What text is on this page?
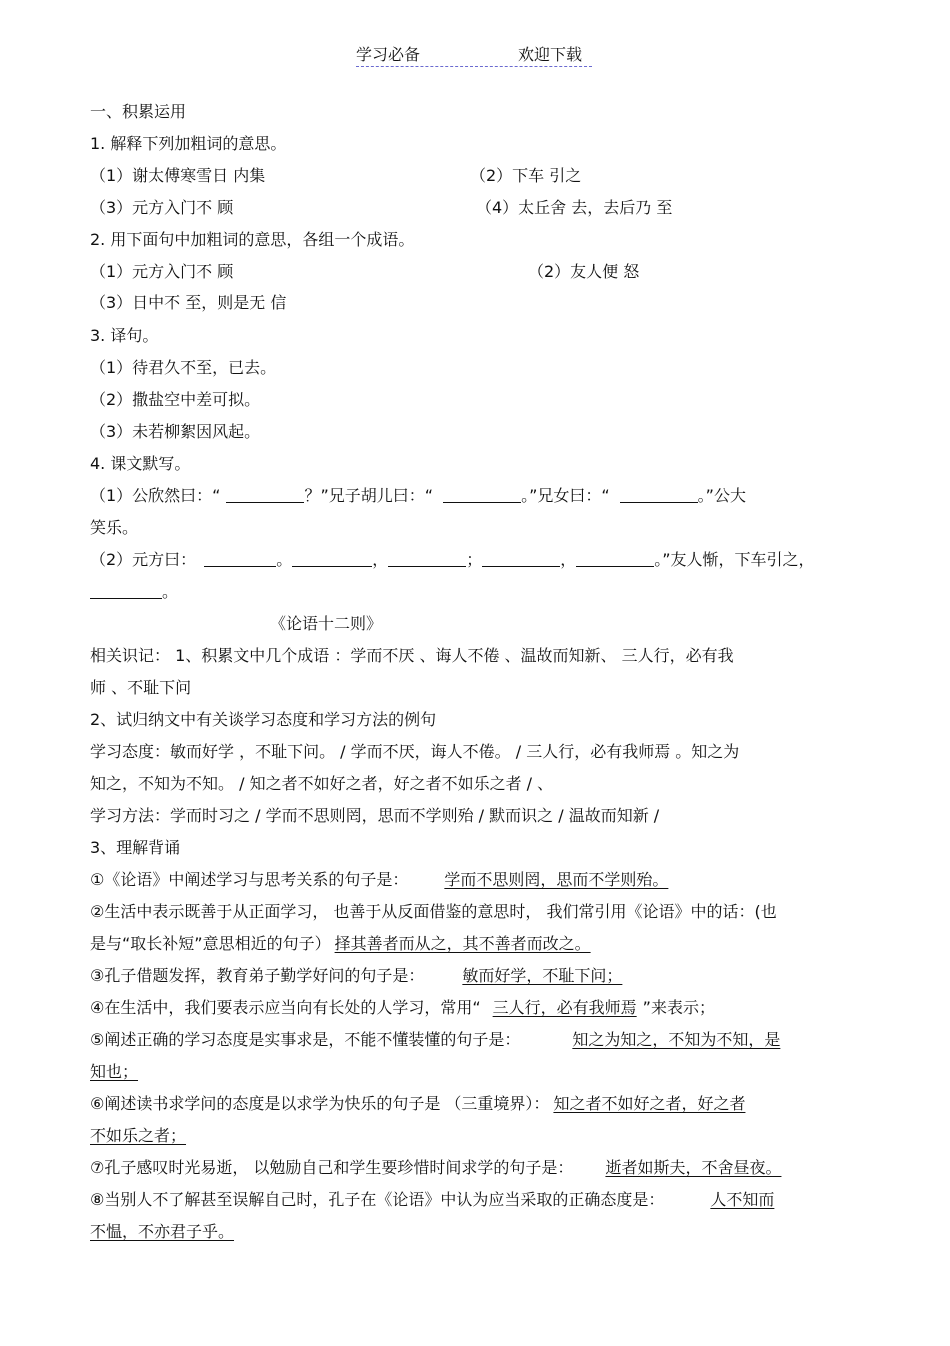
学习必备	欢迎下载
一、积累运用
1. 解释下列加粗词的意思。
（1）谢太傅寒雪日 内集	（2）下车 引之
（3）元方入门不 顾	（4）太丘舍 去，去后乃 至
2. 用下面句中加粗词的意思，各组一个成语。
（1）元方入门不 顾	（2）友人便 怒
（3）日中不 至，则是无 信
3. 译句。
（1）待君久不至，已去。
（2）撒盐空中差可拟。
（3）未若柳絮因风起。
4. 课文默写。
（1）公欣然曰：“	？”兄子胡儿曰：“	。”兄女曰：“	。”公大
笑乐。
（2）元方曰：	。	，	；	，	。”友人惭，下车引之，
。
《论语十二则》
相关识记： 1、积累文中几个成语 ：学而不厌 、诲人不倦 、温故而知新、 三人行，必有我
师 、不耻下问
2、试归纳文中有关谈学习态度和学习方法的例句
学习态度：敏而好学 ，不耻下问。 / 学而不厌，诲人不倦。 / 三人行，必有我师焉 。知之为
知之，不知为不知。 / 知之者不如好之者，好之者不如乐之者 / 、
学习方法：学而时习之 / 学而不思则罔，思而不学则殆 / 默而识之 / 温故而知新 /
3、理解背诵
①《论语》中阐述学习与思考关系的句子是： 学而不思则罔，思而不学则殆。
②生活中表示既善于从正面学习， 也善于从反面借鉴的意思时， 我们常引用《论语》中的话：(也
是与“取长补短”意思相近的句子） 择其善者而从之，其不善者而改之。
③孔子借题发挥，教育弟子勤学好问的句子是： 敏而好学，不耻下问；
④在生活中，我们要表示应当向有长处的人学习，常用“ 三人行，必有我师焉 ”来表示；
⑤阐述正确的学习态度是实事求是，不能不懂装懂的句子是：	知之为知之，不知为不知，是
知也；
⑥阐述读书求学问的态度是以求学为快乐的句子是 （三重境界）： 知之者不如好之者，好之者
不如乐之者；
⑦孔子感叹时光易逝， 以勉励自己和学生要珍惜时间求学的句子是： 逝者如斯夫，不舍昼夜。
⑧当别人不了解甚至误解自己时，孔子在《论语》中认为应当采取的正确态度是：	人不知而
不愠，不亦君子乎。
